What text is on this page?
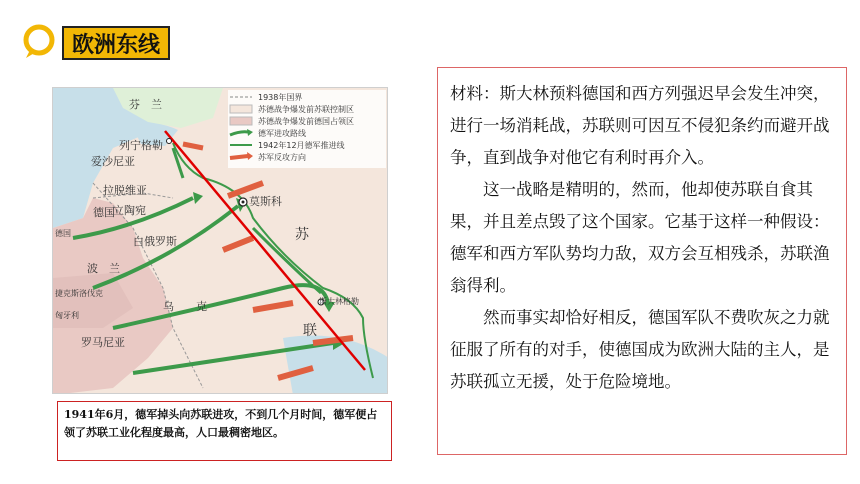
欧洲东线
1938年国界
苏德战争爆发前苏联控制区
苏德战争爆发前德国占领区
德军进攻路线
1942年12月德军推进线
苏军反攻方向
芬　兰
列宁格勒
爱沙尼亚
拉脱维亚
德国
立陶宛
德国
白俄罗斯
莫斯科
苏
波　兰
乌　　克
联
捷克斯洛伐克
匈牙利
罗马尼亚
斯大林格勒
1941年6月，德军掉头向苏联进攻，不到几个月时间，德军便占领了苏联工业化程度最高，人口最稠密地区。

材料：斯大林预料德国和西方列强迟早会发生冲突，进行一场消耗战，苏联则可因互不侵犯条约而避开战争，直到战争对他它有利时再介入。

这一战略是精明的，然而，他却使苏联自食其果，并且差点毁了这个国家。它基于这样一种假设：德军和西方军队势均力敌，双方会互相残杀，苏联渔翁得利。

然而事实却恰好相反，德国军队不费吹灰之力就征服了所有的对手，使德国成为欧洲大陆的主人，是苏联孤立无援，处于危险境地。
